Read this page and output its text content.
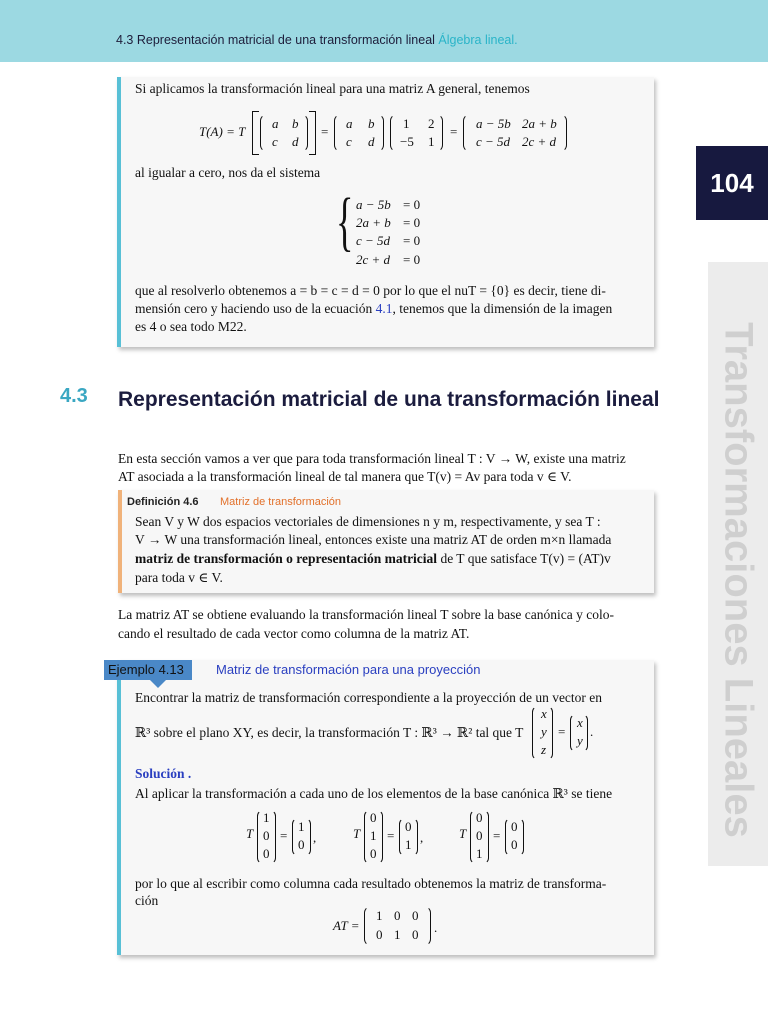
4.3 Representación matricial de una transformación lineal Álgebra lineal.
104
Transformaciones Lineales
Si aplicamos la transformación lineal para una matriz A general, tenemos
T(A) = T
a b
c d
=
a b
c d
1 2
−5 1
=
a − 5b 2a + b
c − 5d 2c + d
al igualar a cero, nos da el sistema
{ a − 5b = 0
2a + b = 0
c − 5d = 0
2c + d = 0
que al resolverlo obtenemos a = b = c = d = 0 por lo que el nuT = {0} es decir, tiene di-
mensión cero y haciendo uso de la ecuación 4.1, tenemos que la dimensión de la imagen
es 4 o sea todo M22.
4.3 Representación matricial de una transformación lineal
En esta sección vamos a ver que para toda transformación lineal T : V → W, existe una matriz
AT asociada a la transformación lineal de tal manera que T(v) = Av para toda v ∈ V.
Definición 4.6 Matriz de transformación
Sean V y W dos espacios vectoriales de dimensiones n y m, respectivamente, y sea T :
V → W una transformación lineal, entonces existe una matriz AT de orden m×n llamada
matriz de transformación o representación matricial de T que satisface T(v) = (AT)v
para toda v ∈ V.
La matriz AT se obtiene evaluando la transformación lineal T sobre la base canónica y colo-
cando el resultado de cada vector como columna de la matriz AT.
Ejemplo 4.13	Matriz de transformación para una proyección
Encontrar la matriz de transformación correspondiente a la proyección de un vector en
ℝ³ sobre el plano XY, es decir, la transformación T : ℝ³ → ℝ² tal que T
x
y
z
=
x
y
.
Solución .
Al aplicar la transformación a cada uno de los elementos de la base canónica ℝ³ se tiene
T
1
0
0
=
1
0 ,	T
0
1
0
=
0
1 ,	T
0
0
1
=
0
0
por lo que al escribir como columna cada resultado obtenemos la matriz de transforma-
ción
AT =
1 0 0
0 1 0 .
